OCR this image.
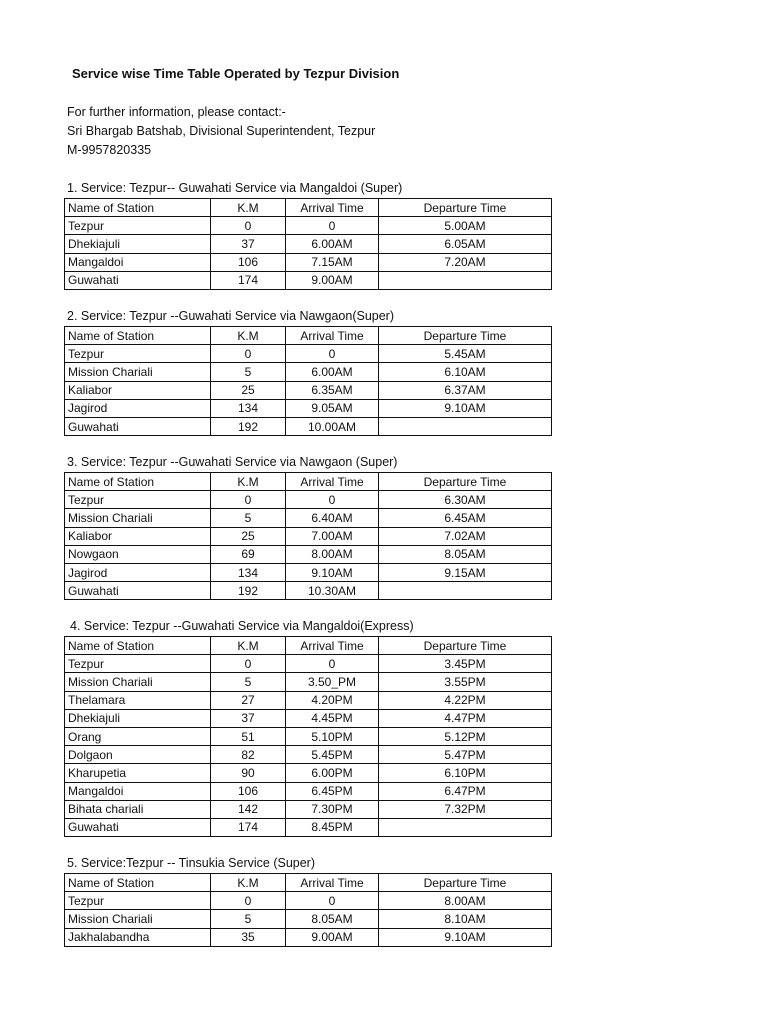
Service wise Time Table Operated by Tezpur Division
For further information, please contact:-
Sri Bhargab Batshab, Divisional Superintendent, Tezpur
M-9957820335
1. Service: Tezpur-- Guwahati Service via Mangaldoi (Super)
Name of Station	K.M	Arrival Time	Departure Time
Tezpur	0	0	5.00AM
Dhekiajuli	37	6.00AM	6.05AM
Mangaldoi	106	7.15AM	7.20AM
Guwahati	174	9.00AM	
2. Service: Tezpur --Guwahati Service via Nawgaon(Super)
Name of Station	K.M	Arrival Time	Departure Time
Tezpur	0	0	5.45AM
Mission Chariali	5	6.00AM	6.10AM
Kaliabor	25	6.35AM	6.37AM
Jagirod	134	9.05AM	9.10AM
Guwahati	192	10.00AM	
3. Service: Tezpur --Guwahati Service via Nawgaon (Super)
Name of Station	K.M	Arrival Time	Departure Time
Tezpur	0	0	6.30AM
Mission Chariali	5	6.40AM	6.45AM
Kaliabor	25	7.00AM	7.02AM
Nowgaon	69	8.00AM	8.05AM
Jagirod	134	9.10AM	9.15AM
Guwahati	192	10.30AM	
4. Service: Tezpur --Guwahati Service via Mangaldoi(Express)
Name of Station	K.M	Arrival Time	Departure Time
Tezpur	0	0	3.45PM
Mission Chariali	5	3.50_PM	3.55PM
Thelamara	27	4.20PM	4.22PM
Dhekiajuli	37	4.45PM	4.47PM
Orang	51	5.10PM	5.12PM
Dolgaon	82	5.45PM	5.47PM
Kharupetia	90	6.00PM	6.10PM
Mangaldoi	106	6.45PM	6.47PM
Bihata chariali	142	7.30PM	7.32PM
Guwahati	174	8.45PM	
5. Service:Tezpur -- Tinsukia Service (Super)
Name of Station	K.M	Arrival Time	Departure Time
Tezpur	0	0	8.00AM
Mission Chariali	5	8.05AM	8.10AM
Jakhalabandha	35	9.00AM	9.10AM
